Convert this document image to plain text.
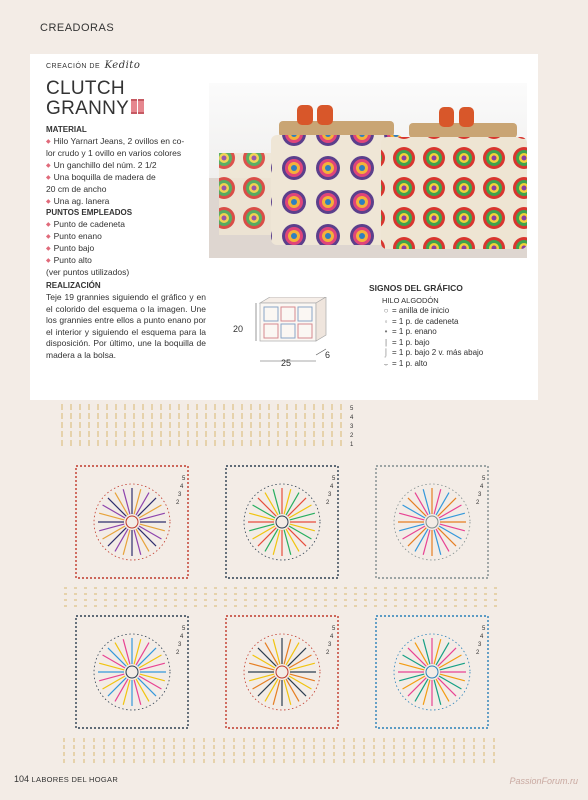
CREADORAS
CREACIÓN DE Kedito
CLUTCH
GRANNY
MATERIAL
◆ Hilo Yarnart Jeans, 2 ovillos en co-
lor crudo y 1 ovillo en varios colores
◆ Un ganchillo del núm. 2 1/2
◆ Una boquilla de madera de
20 cm de ancho
◆ Una ag. lanera
PUNTOS EMPLEADOS
◆ Punto de cadeneta
◆ Punto enano
◆ Punto bajo
◆ Punto alto
(ver puntos utilizados)
REALIZACIÓN
Teje 19 grannies siguiendo el gráfico y en el colorido del esquema o la imagen. Une los grannies entre ellos a punto enano por el interior y siguiendo el esquema para la disposición. Por último, une la boquilla de madera a la bolsa.
20
25
6
SIGNOS DEL GRÁFICO
HILO ALGODÓN
○ = anilla de inicio
◦ = 1 p. de cadeneta
• = 1 p. enano
| = 1 p. bajo
⌡ = 1 p. bajo 2 v. más abajo
⨪ = 1 p. alto
5
4
3
2
1
5
4
3
2
5
4
3
2
5
4
3
2
5
4
3
2
5
4
3
2
5
4
3
2
104 LABORES DEL HOGAR	PassionForum.ru
